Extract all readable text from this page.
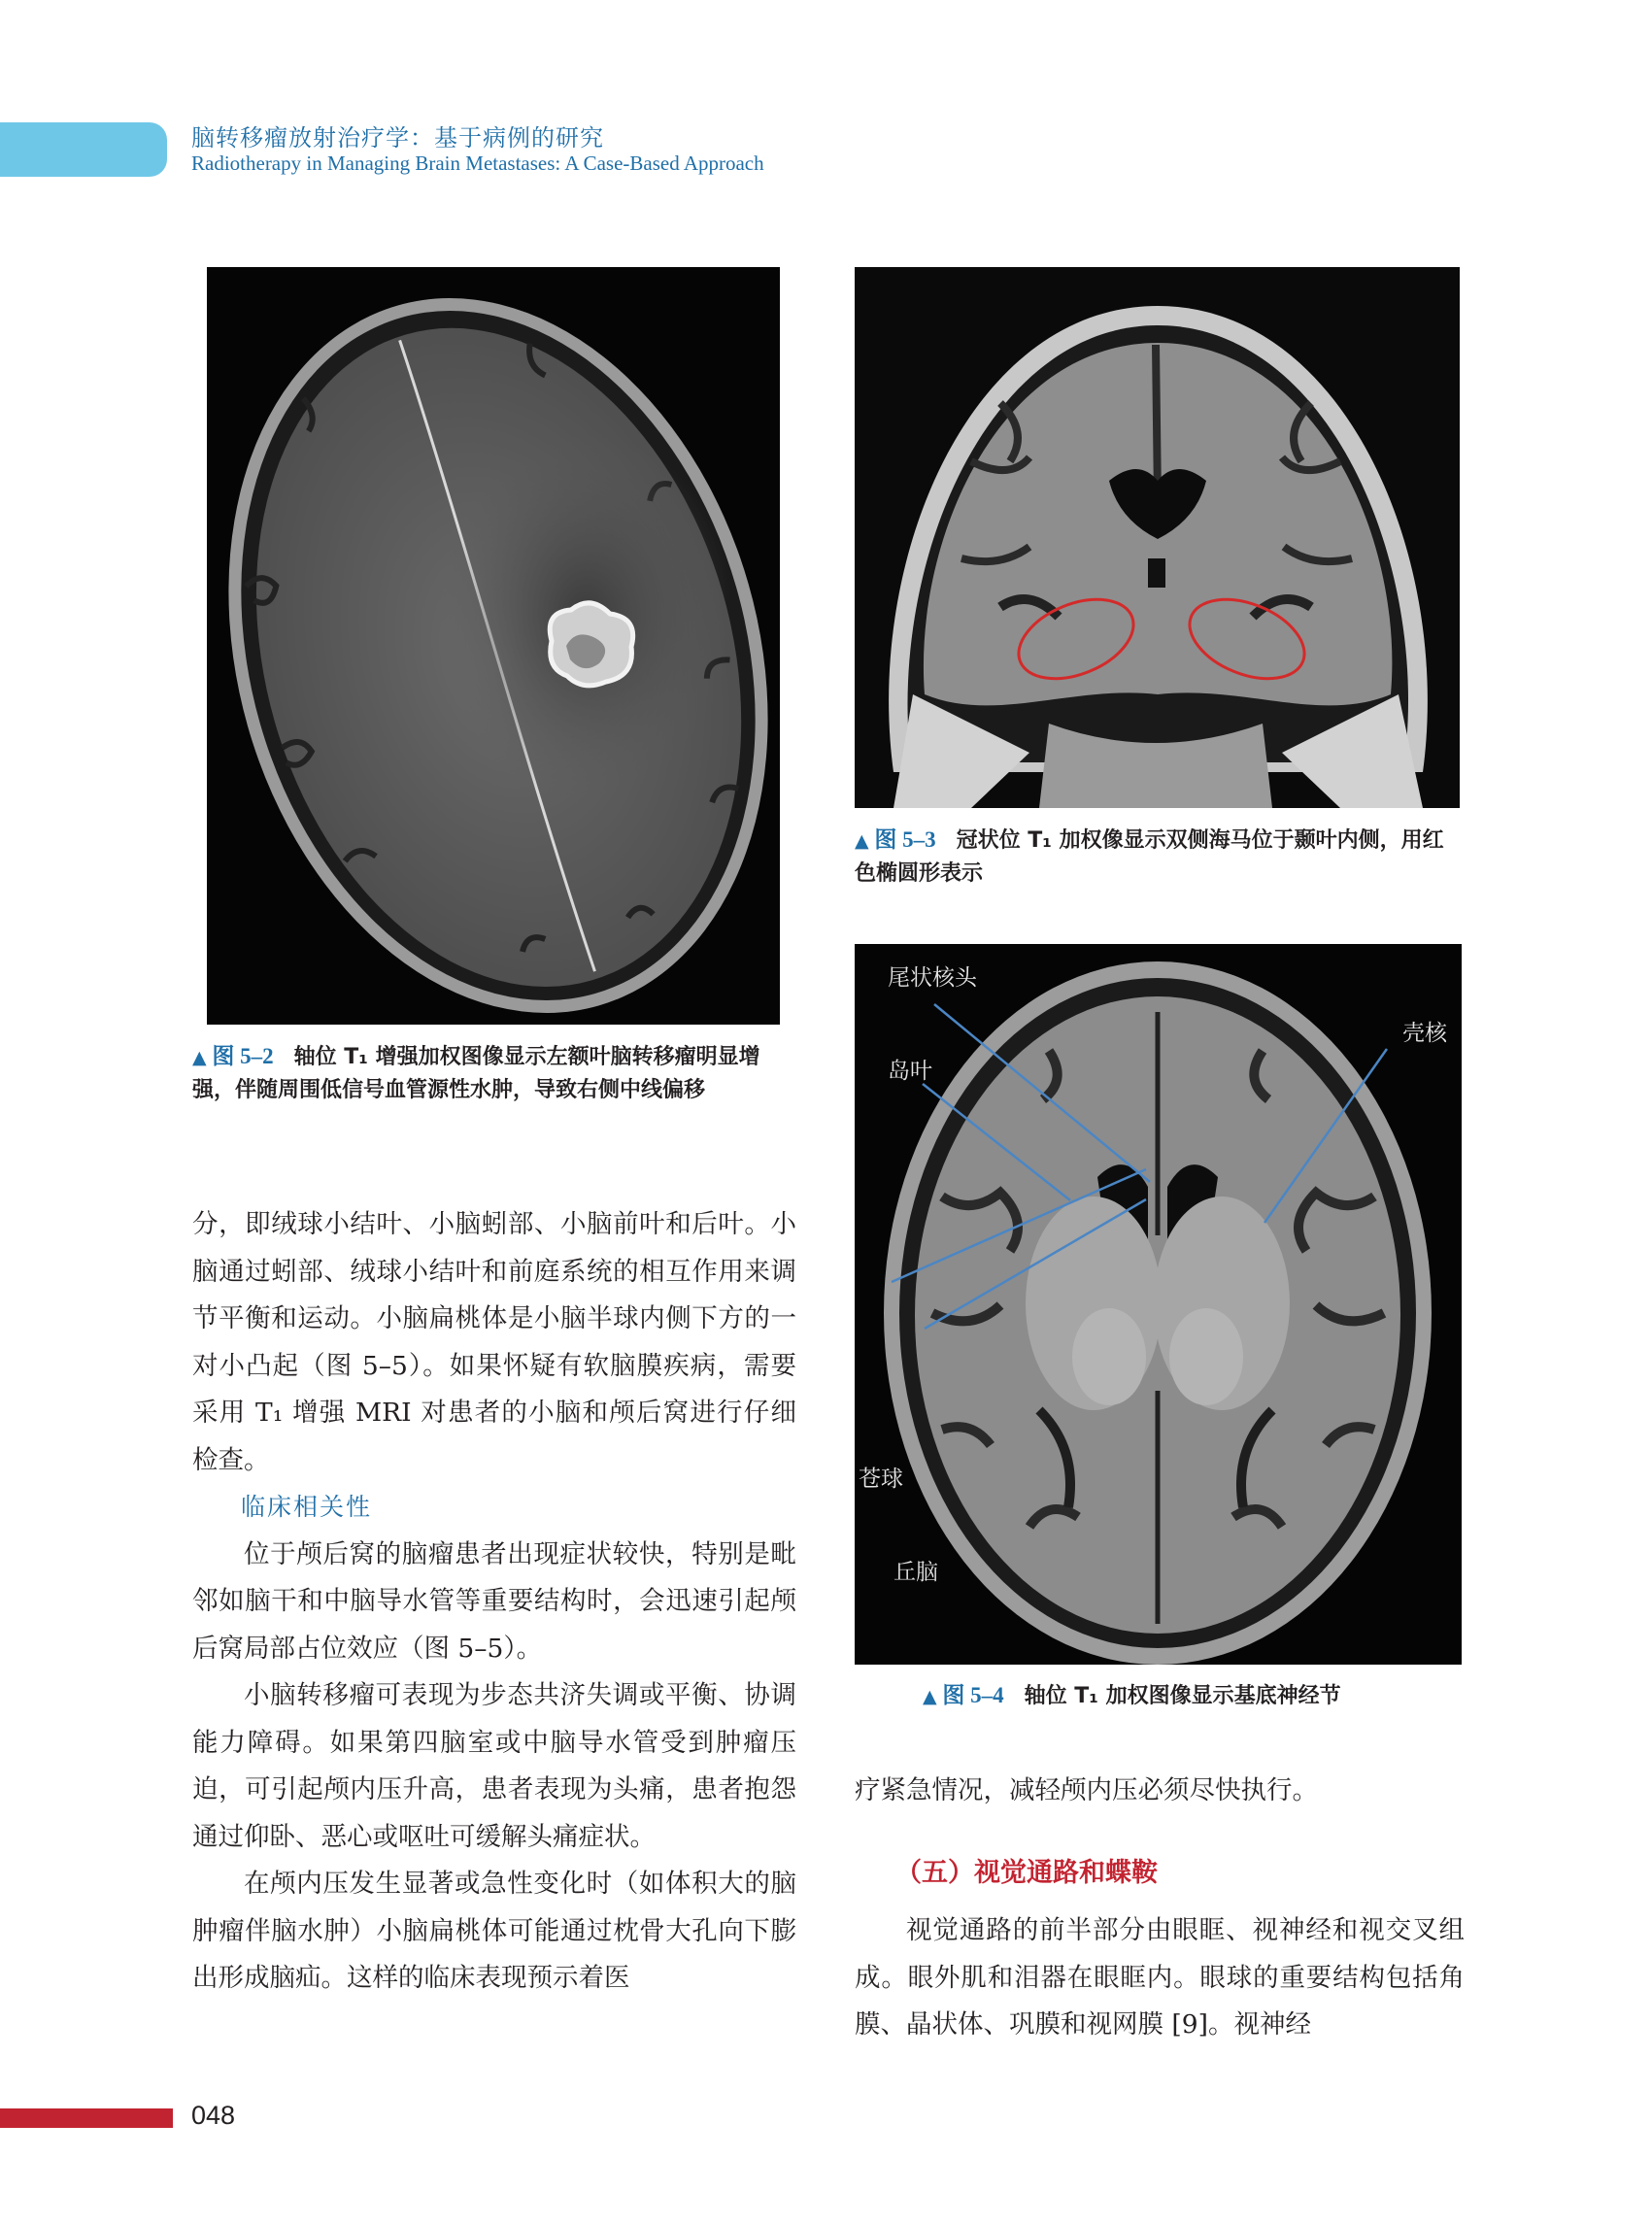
脑转移瘤放射治疗学：基于病例的研究
Radiotherapy in Managing Brain Metastases: A Case-Based Approach
▲ 图 5–2 轴位 T₁ 增强加权图像显示左额叶脑转移瘤明显增强，伴随周围低信号血管源性水肿，导致右侧中线偏移
▲ 图 5–3 冠状位 T₁ 加权像显示双侧海马位于颞叶内侧，用红色椭圆形表示
尾状核头
壳核
岛叶
苍球
丘脑
▲ 图 5–4 轴位 T₁ 加权图像显示基底神经节

分，即绒球小结叶、小脑蚓部、小脑前叶和后叶。小脑通过蚓部、绒球小结叶和前庭系统的相互作用来调节平衡和运动。小脑扁桃体是小脑半球内侧下方的一对小凸起（图 5–5）。如果怀疑有软脑膜疾病，需要采用 T₁ 增强 MRI 对患者的小脑和颅后窝进行仔细检查。

临床相关性

位于颅后窝的脑瘤患者出现症状较快，特别是毗邻如脑干和中脑导水管等重要结构时，会迅速引起颅后窝局部占位效应（图 5–5）。

小脑转移瘤可表现为步态共济失调或平衡、协调能力障碍。如果第四脑室或中脑导水管受到肿瘤压迫，可引起颅内压升高，患者表现为头痛，患者抱怨通过仰卧、恶心或呕吐可缓解头痛症状。

在颅内压发生显著或急性变化时（如体积大的脑肿瘤伴脑水肿）小脑扁桃体可能通过枕骨大孔向下膨出形成脑疝。这样的临床表现预示着医

疗紧急情况，减轻颅内压必须尽快执行。

（五）视觉通路和蝶鞍

视觉通路的前半部分由眼眶、视神经和视交叉组成。眼外肌和泪器在眼眶内。眼球的重要结构包括角膜、晶状体、巩膜和视网膜 [9]。视神经

048
